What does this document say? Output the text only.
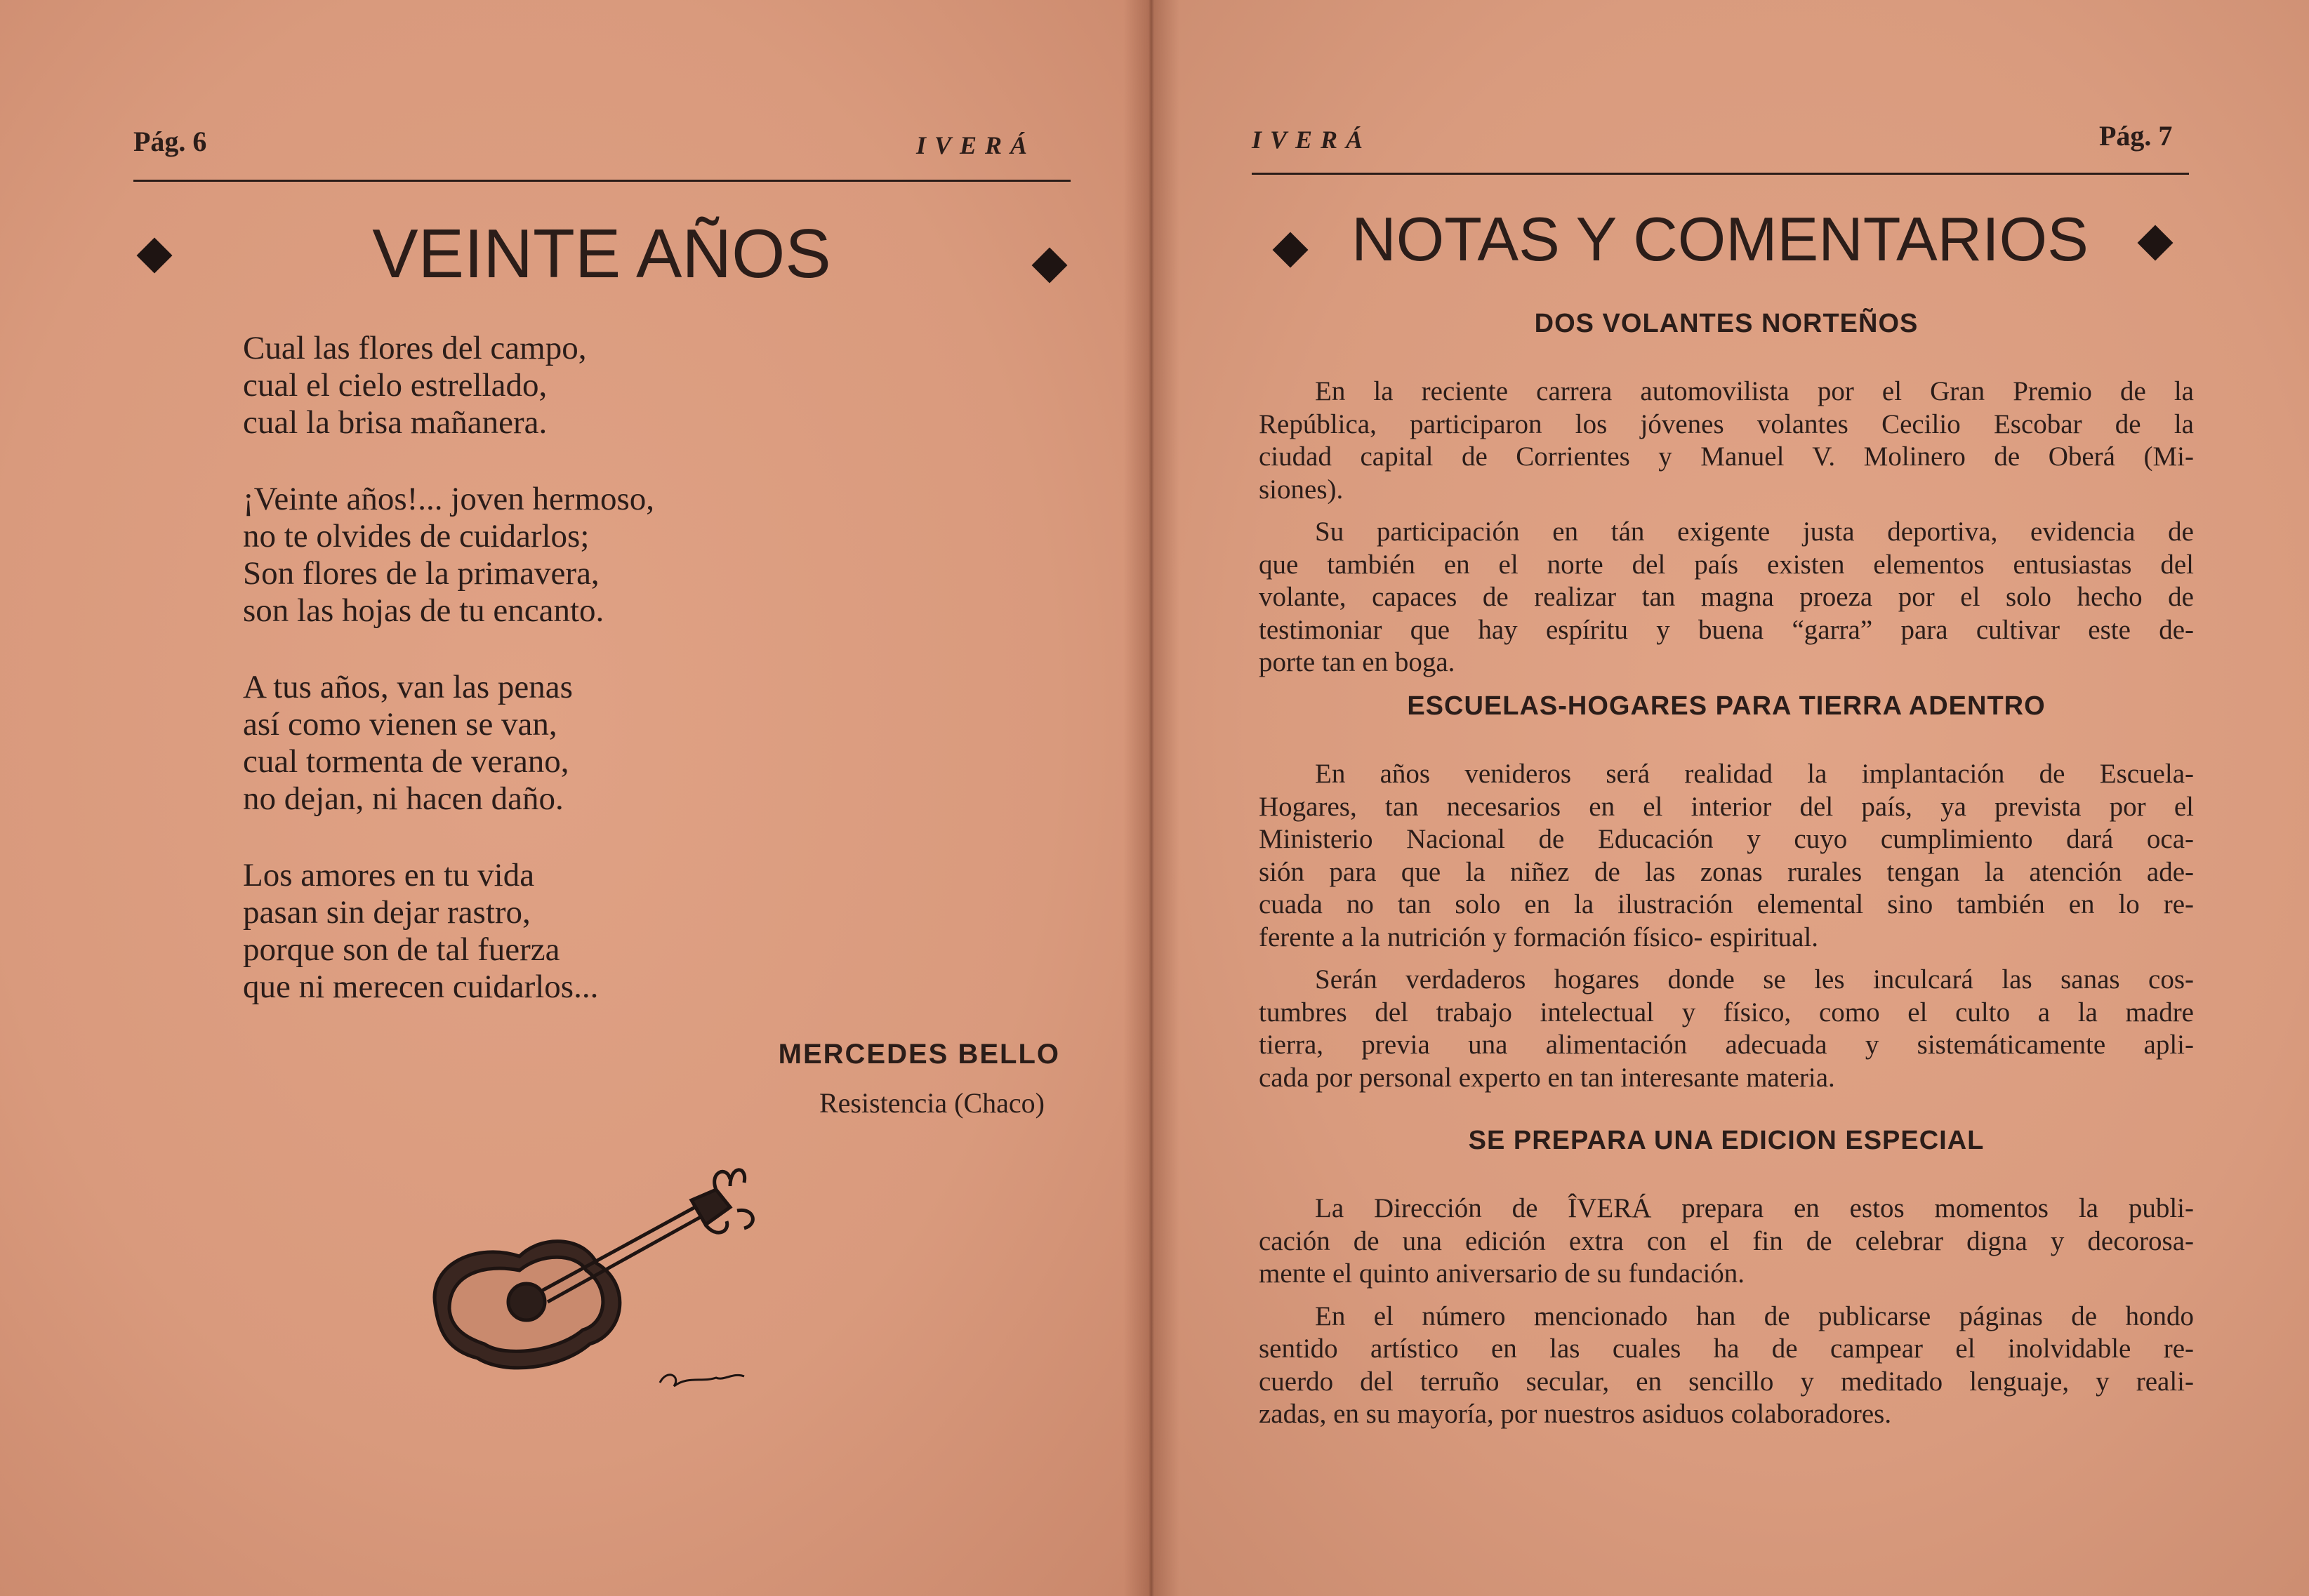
Pág. 6	IVERÁ
VEINTE AÑOS
Cual las flores del campo,
cual el cielo estrellado,
cual la brisa mañanera.
¡Veinte años!... joven hermoso,
no te olvides de cuidarlos;
Son flores de la primavera,
son las hojas de tu encanto.
A tus años, van las penas
así como vienen se van,
cual tormenta de verano,
no dejan, ni hacen daño.
Los amores en tu vida
pasan sin dejar rastro,
porque son de tal fuerza
que ni merecen cuidarlos...
MERCEDES BELLO
Resistencia (Chaco)
IVERÁ	Pág. 7
NOTAS Y COMENTARIOS
DOS VOLANTES NORTEÑOS
En la reciente carrera automovilista por el Gran Premio de la
República, participaron los jóvenes volantes Cecilio Escobar de la
ciudad capital de Corrientes y Manuel V. Molinero de Oberá (Mi-
siones).
Su participación en tán exigente justa deportiva, evidencia de
que también en el norte del país existen elementos entusiastas del
volante, capaces de realizar tan magna proeza por el solo hecho de
testimoniar que hay espíritu y buena “garra” para cultivar este de-
porte tan en boga.
ESCUELAS-HOGARES PARA TIERRA ADENTRO
En años venideros será realidad la implantación de Escuela-
Hogares, tan necesarios en el interior del país, ya prevista por el
Ministerio Nacional de Educación y cuyo cumplimiento dará oca-
sión para que la niñez de las zonas rurales tengan la atención ade-
cuada no tan solo en la ilustración elemental sino también en lo re-
ferente a la nutrición y formación físico- espiritual.
Serán verdaderos hogares donde se les inculcará las sanas cos-
tumbres del trabajo intelectual y físico, como el culto a la madre
tierra, previa una alimentación adecuada y sistemáticamente apli-
cada por personal experto en tan interesante materia.
SE PREPARA UNA EDICION ESPECIAL
La Dirección de ÎVERÁ prepara en estos momentos la publi-
cación de una edición extra con el fin de celebrar digna y decorosa-
mente el quinto aniversario de su fundación.
En el número mencionado han de publicarse páginas de hondo
sentido artístico en las cuales ha de campear el inolvidable re-
cuerdo del terruño secular, en sencillo y meditado lenguaje, y reali-
zadas, en su mayoría, por nuestros asiduos colaboradores.
